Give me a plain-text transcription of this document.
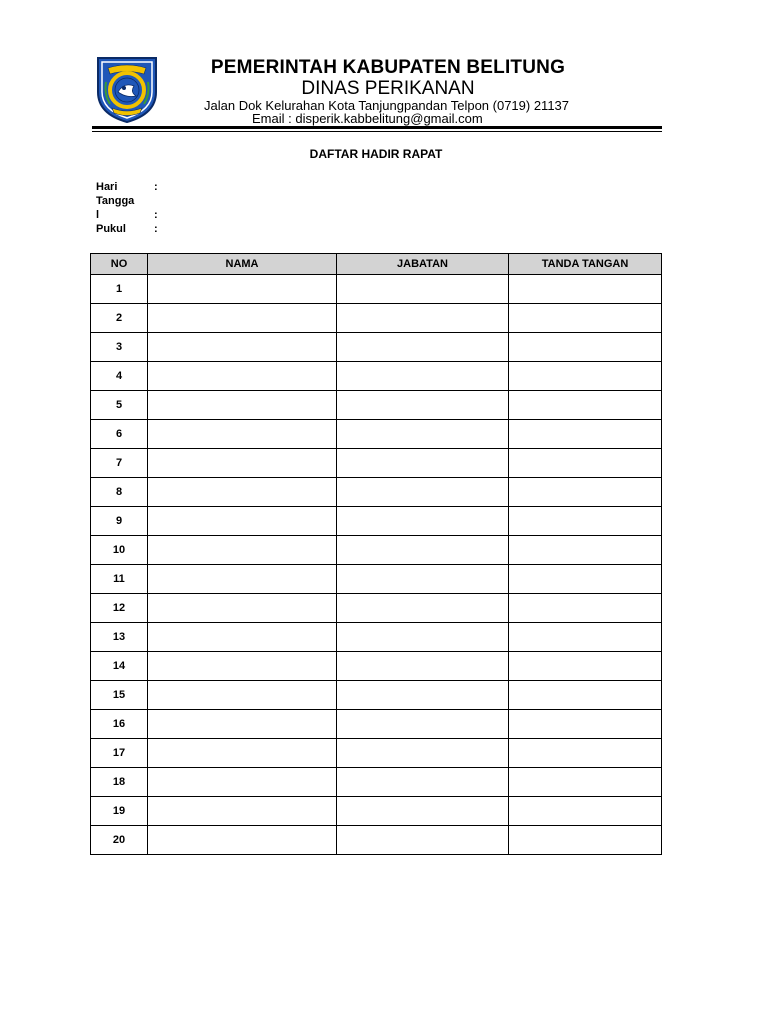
PEMERINTAH KABUPATEN BELITUNG
DINAS PERIKANAN
Jalan Dok Kelurahan Kota Tanjungpandan Telpon (0719) 21137
Email : disperik.kabbelitung@gmail.com
DAFTAR HADIR RAPAT
Hari	:
Tangga
l	:
Pukul	:
NO	NAMA	JABATAN	TANDA TANGAN
1			
2			
3			
4			
5			
6			
7			
8			
9			
10			
11			
12			
13			
14			
15			
16			
17			
18			
19			
20			
